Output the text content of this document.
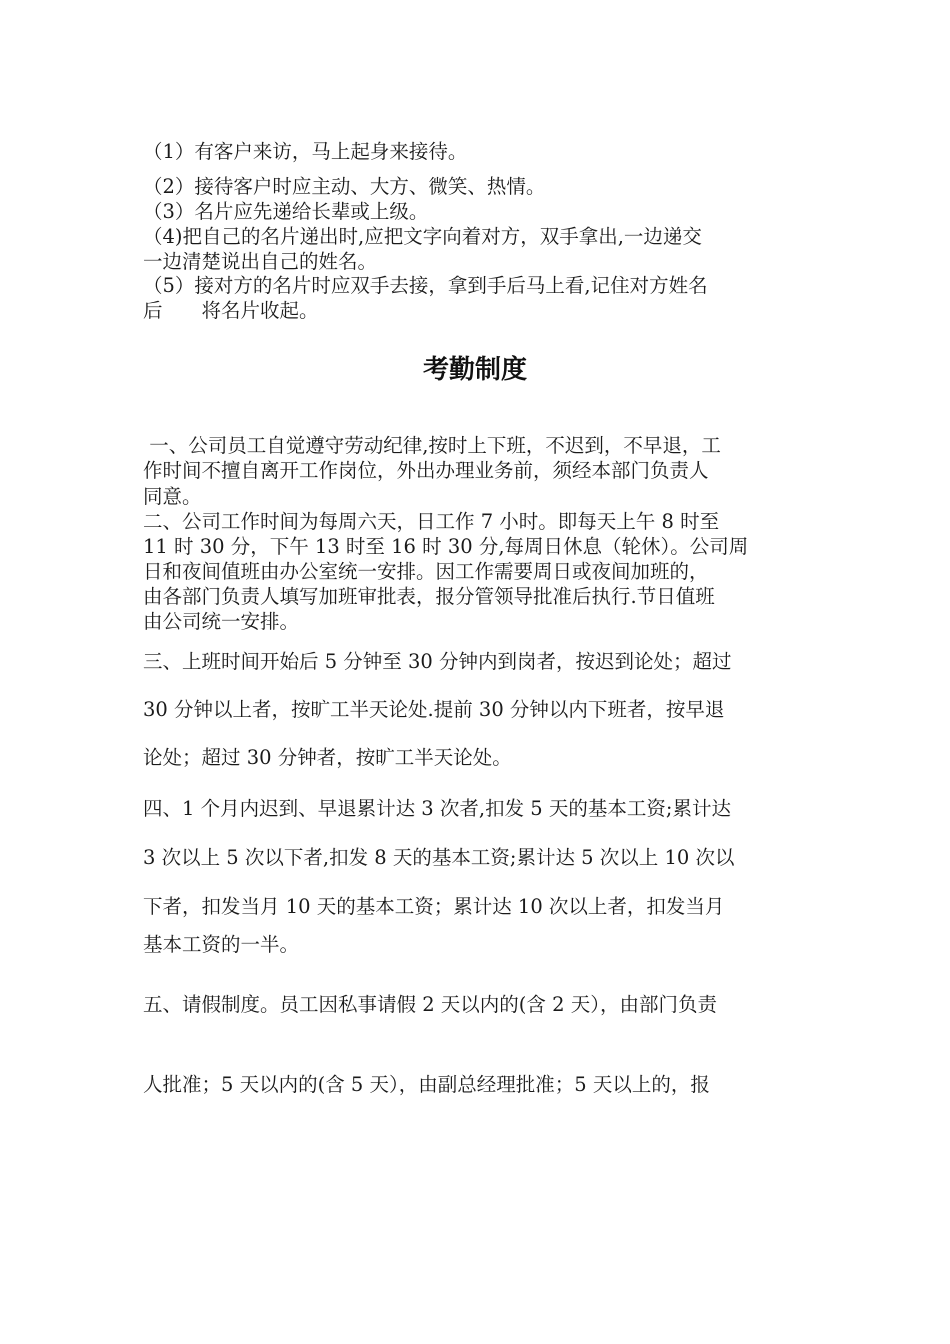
（1）有客户来访，马上起身来接待。
（2）接待客户时应主动、大方、微笑、热情。
（3）名片应先递给长辈或上级。
（4)把自己的名片递出时,应把文字向着对方，双手拿出,一边递交
一边清楚说出自己的姓名。
（5）接对方的名片时应双手去接，拿到手后马上看,记住对方姓名
后　　将名片收起。
考勤制度
一、公司员工自觉遵守劳动纪律,按时上下班，不迟到，不早退，工
作时间不擅自离开工作岗位，外出办理业务前，须经本部门负责人
同意。
二、公司工作时间为每周六天，日工作 7 小时。即每天上午 8 时至
11 时 30 分，下午 13 时至 16 时 30 分,每周日休息（轮休）。公司周
日和夜间值班由办公室统一安排。因工作需要周日或夜间加班的，
由各部门负责人填写加班审批表，报分管领导批准后执行.节日值班
由公司统一安排。
三、上班时间开始后 5 分钟至 30 分钟内到岗者，按迟到论处；超过
30 分钟以上者，按旷工半天论处.提前 30 分钟以内下班者，按早退
论处；超过 30 分钟者，按旷工半天论处。
四、1 个月内迟到、早退累计达 3 次者,扣发 5 天的基本工资;累计达
3 次以上 5 次以下者,扣发 8 天的基本工资;累计达 5 次以上 10 次以
下者，扣发当月 10 天的基本工资；累计达 10 次以上者，扣发当月
基本工资的一半。
五、请假制度。员工因私事请假 2 天以内的(含 2 天），由部门负责
人批准；5 天以内的(含 5 天），由副总经理批准；5 天以上的，报
